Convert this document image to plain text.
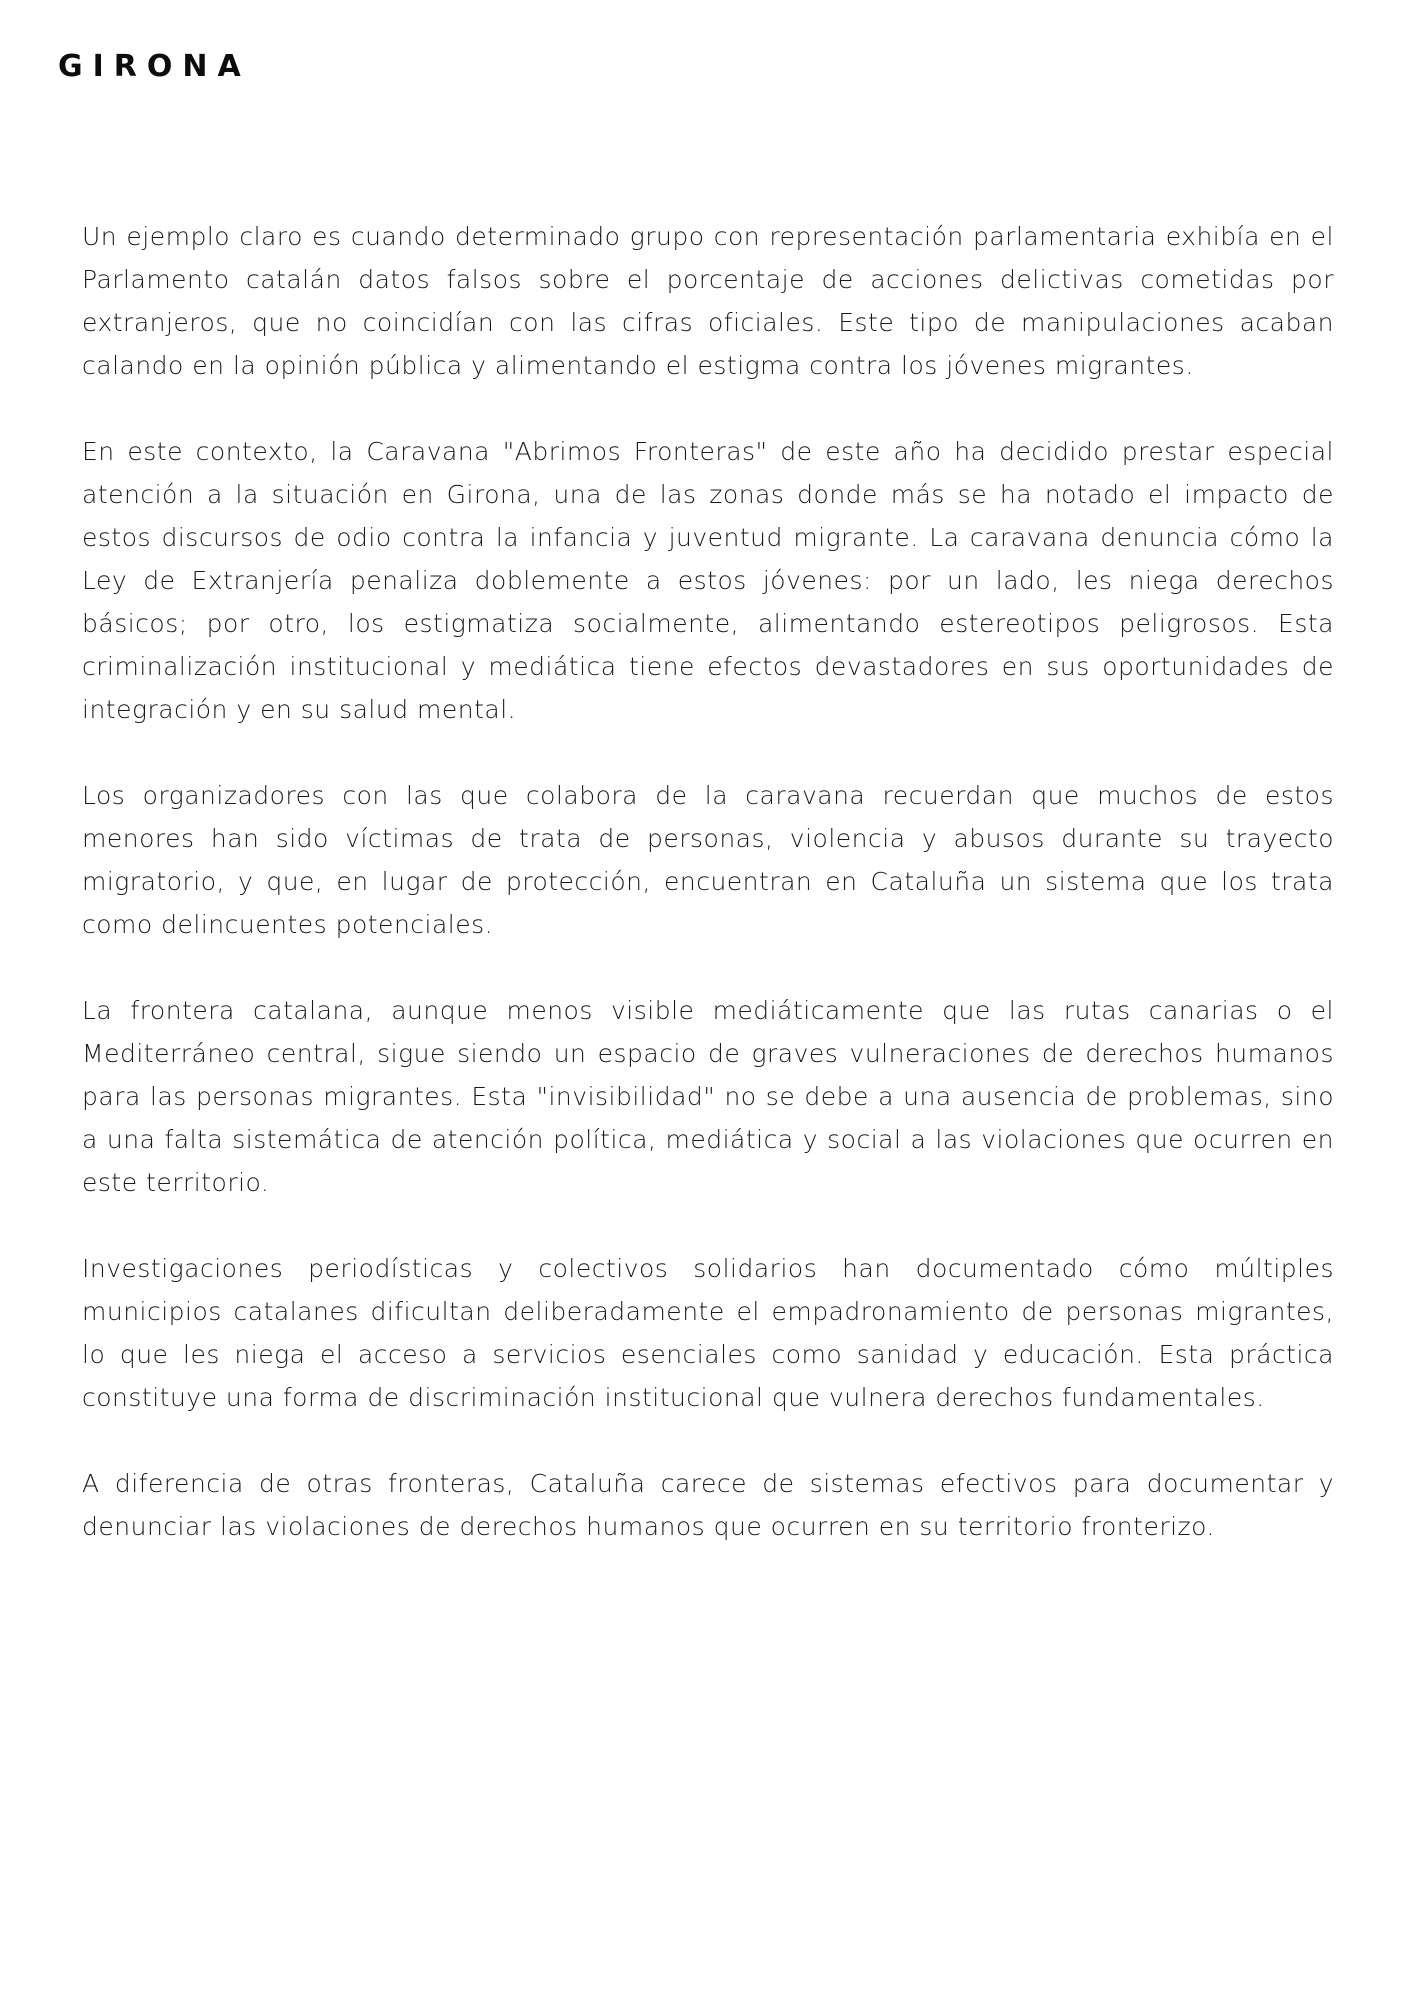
GIRONA

Un ejemplo claro es cuando determinado grupo con representación parlamentaria exhibía en el Parlamento catalán datos falsos sobre el porcentaje de acciones delictivas cometidas por extranjeros, que no coincidían con las cifras oficiales. Este tipo de manipulaciones acaban calando en la opinión pública y alimentando el estigma contra los jóvenes migrantes.

En este contexto, la Caravana "Abrimos Fronteras" de este año ha decidido prestar especial atención a la situación en Girona, una de las zonas donde más se ha notado el impacto de estos discursos de odio contra la infancia y juventud migrante. La caravana denuncia cómo la Ley de Extranjería penaliza doblemente a estos jóvenes: por un lado, les niega derechos básicos; por otro, los estigmatiza socialmente, alimentando estereotipos peligrosos. Esta criminalización institucional y mediática tiene efectos devastadores en sus oportunidades de integración y en su salud mental.

Los organizadores con las que colabora de la caravana recuerdan que muchos de estos menores han sido víctimas de trata de personas, violencia y abusos durante su trayecto migratorio, y que, en lugar de protección, encuentran en Cataluña un sistema que los trata como delincuentes potenciales.

La frontera catalana, aunque menos visible mediáticamente que las rutas canarias o el Mediterráneo central, sigue siendo un espacio de graves vulneraciones de derechos humanos para las personas migrantes. Esta "invisibilidad" no se debe a una ausencia de problemas, sino a una falta sistemática de atención política, mediática y social a las violaciones que ocurren en este territorio.

Investigaciones periodísticas y colectivos solidarios han documentado cómo múltiples municipios catalanes dificultan deliberadamente el empadronamiento de personas migrantes, lo que les niega el acceso a servicios esenciales como sanidad y educación. Esta práctica constituye una forma de discriminación institucional que vulnera derechos fundamentales.

A diferencia de otras fronteras, Cataluña carece de sistemas efectivos para documentar y denunciar las violaciones de derechos humanos que ocurren en su territorio fronterizo.
